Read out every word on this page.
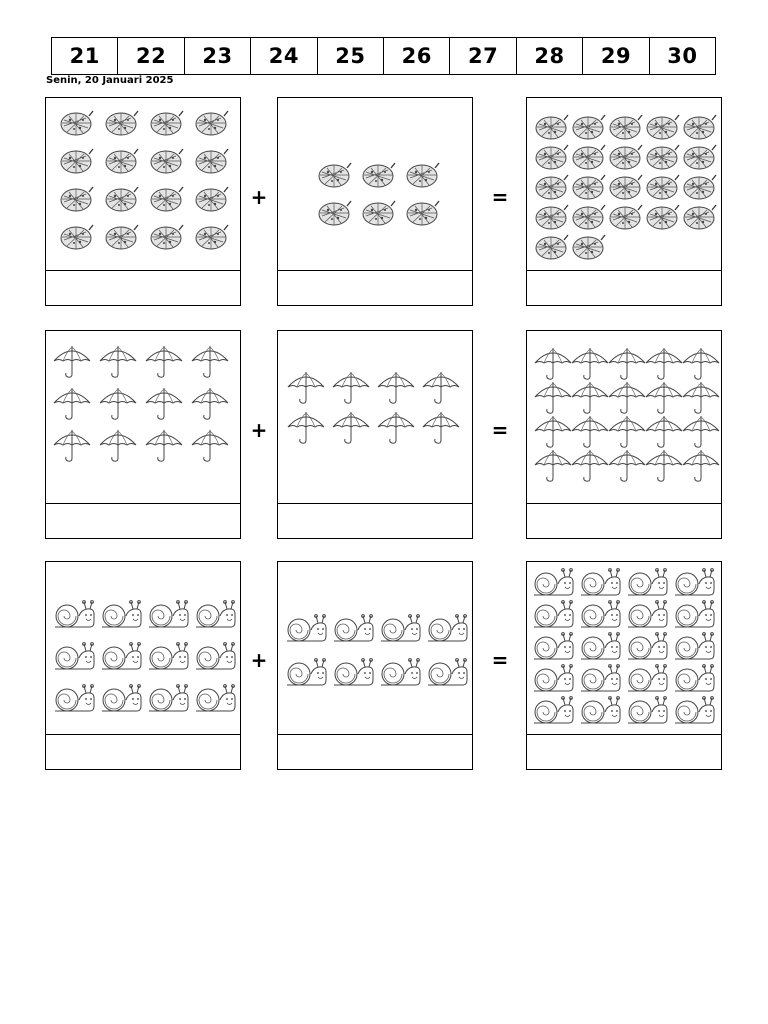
21	22	23	24	25	26	27	28	29	30
Senin, 20 Januari 2025
+	=
+	=
+	=
